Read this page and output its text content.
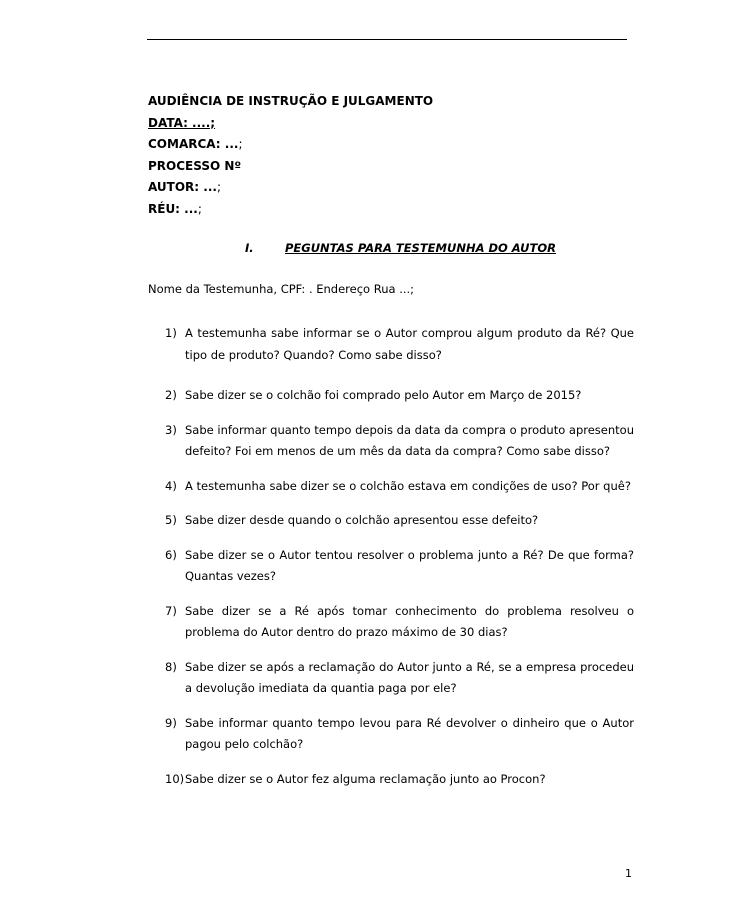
AUDIÊNCIA DE INSTRUÇÃO E JULGAMENTO
DATA: ....;
COMARCA: ...;
PROCESSO Nº
AUTOR: ...;
RÉU: ...;
I.	PEGUNTAS PARA TESTEMUNHA DO AUTOR
Nome da Testemunha, CPF: . Endereço Rua ...;
1) A testemunha sabe informar se o Autor comprou algum produto da Ré? Que tipo de produto? Quando? Como sabe disso?
2) Sabe dizer se o colchão foi comprado pelo Autor em Março de 2015?
3) Sabe informar quanto tempo depois da data da compra o produto apresentou defeito? Foi em menos de um mês da data da compra? Como sabe disso?
4) A testemunha sabe dizer se o colchão estava em condições de uso? Por quê?
5) Sabe dizer desde quando o colchão apresentou esse defeito?
6) Sabe dizer se o Autor tentou resolver o problema junto a Ré? De que forma? Quantas vezes?
7) Sabe dizer se a Ré após tomar conhecimento do problema resolveu o problema do Autor dentro do prazo máximo de 30 dias?
8) Sabe dizer se após a reclamação do Autor junto a Ré, se a empresa procedeu a devolução imediata da quantia paga por ele?
9) Sabe informar quanto tempo levou para Ré devolver o dinheiro que o Autor pagou pelo colchão?
10) Sabe dizer se o Autor fez alguma reclamação junto ao Procon?
1
